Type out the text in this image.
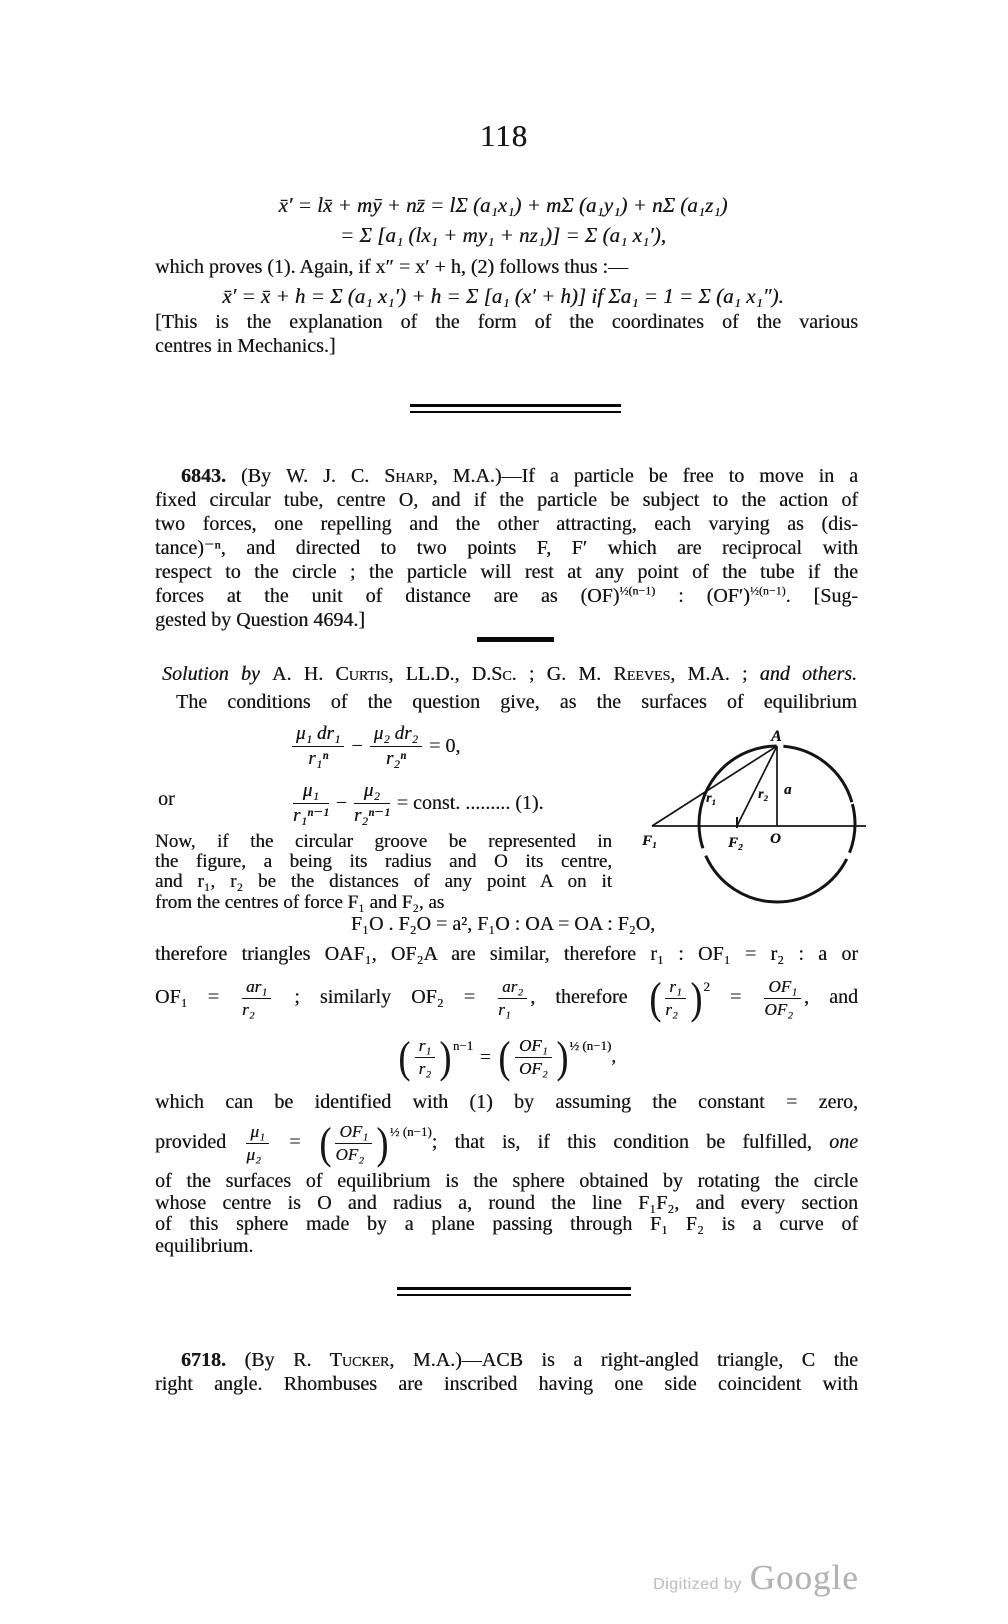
118
x̄′ = lx̄ + mȳ + nz̄ = lΣ (a₁x₁) + mΣ (a₁y₁) + nΣ (a₁z₁)
= Σ [a₁ (lx₁ + my₁ + nz₁)] = Σ (a₁ x₁′),
which proves (1). Again, if x″ = x′ + h, (2) follows thus :—
x̄′ = x̄ + h = Σ (a₁ x₁′) + h = Σ [a₁ (x′ + h)] if Σa₁ = 1 = Σ (a₁ x₁″).
[This is the explanation of the form of the coordinates of the various
centres in Mechanics.]
6843. (By W. J. C. Sharp, M.A.)—If a particle be free to move in a
fixed circular tube, centre O, and if the particle be subject to the action of
two forces, one repelling and the other attracting, each varying as (dis-
tance)⁻ⁿ, and directed to two points F, F′ which are reciprocal with
respect to the circle ; the particle will rest at any point of the tube if the
forces at the unit of distance are as (OF)$^{\frac{1}{2}(n-1)}$ : $(OF')^{\frac{1}{2}(n-1)}$. [Sug-
gested by Question 4694.]
Solution by A. H. Curtis, LL.D., D.Sc. ; G. M. Reeves, M.A. ; and others.
The conditions of the question give, as the surfaces of equilibrium
$\frac{\text{μ₁ dr₁}}{\text{r₁ⁿ}} - \frac{\text{μ₂ dr₂}}{\text{r₂ⁿ}} = 0$,
or	$\frac{\text{μ₁}}{\text{r₁ⁿ⁻¹}} - \frac{\text{μ₂}}{\text{r₂ⁿ⁻¹}}$ = const. ......... (1).
A
r₁	r₂ a
F₁	F₂ O
Now, if the circular groove be represented in
the figure, a being its radius and O its centre,
and r₁, r₂ be the distances of any point A on it
from the centres of force F₁ and F₂, as
F₁O . F₂O = a², F₁O : OA = OA : F₂O,
therefore triangles OAF₁, OF₂A are similar, therefore r₁ : OF₁ = r₂ : a or
$OF_1 = \frac{\text{ar₁}}{\text{r₂}}$ ; similarly $OF_2 = \frac{\text{ar₂}}{\text{r₁}}$ , therefore ( $\frac{\text{r₁}}{\text{r₂}} )^2 = \frac{\text{OF₁}}{\text{OF₂}}$ , and
( $\frac{\text{r₁}}{\text{r₂}} )^{n-1}$
= ( $\frac{\text{OF₁}}{\text{OF₂}} )^{\frac{1}{2} (n-1)}$
,
which can be identified with (1) by assuming the constant = zero,
provided $\frac{\text{μ₁}}{\text{μ₂}}$ = ( $\frac{\text{OF₁}}{\text{OF₂}} )^{\frac{1}{2} (n-1)}$ ; that is, if this condition be fulfilled, one
of the surfaces of equilibrium is the sphere obtained by rotating the circle
whose centre is O and radius a, round the line F₁F₂, and every section
of this sphere made by a plane passing through F₁ F₂ is a curve of
equilibrium.
6718. (By R. Tucker, M.A.)—ACB is a right-angled triangle, C the
right angle. Rhombuses are inscribed having one side coincident with
Digitized by Google
